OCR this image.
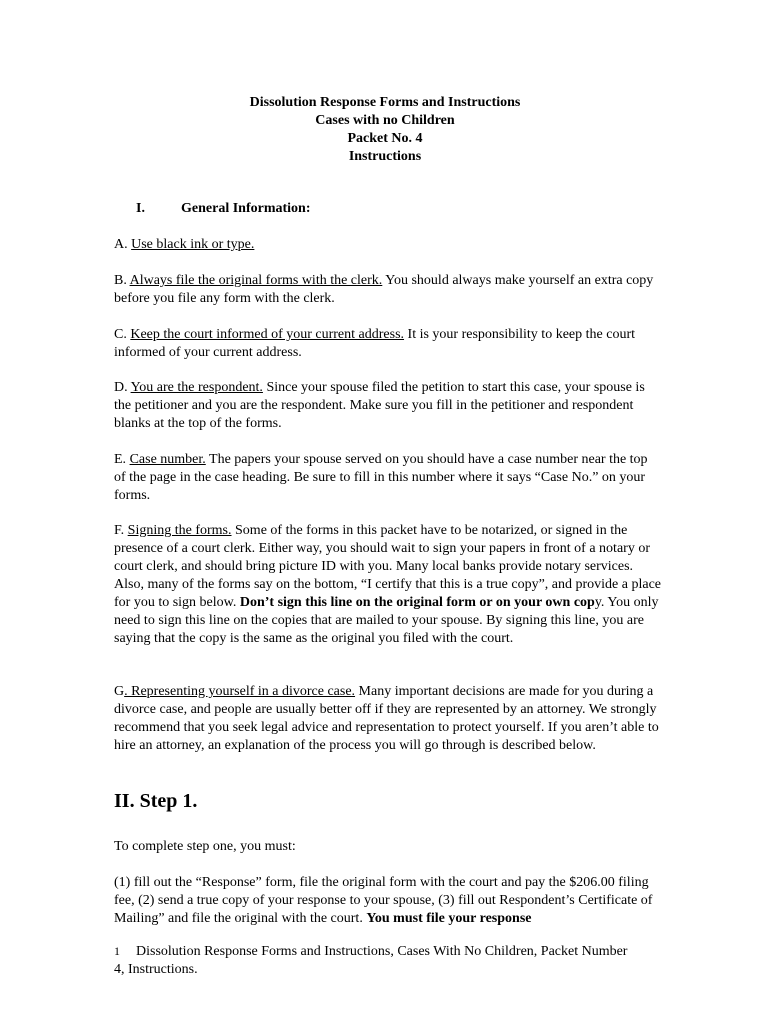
Dissolution Response Forms and Instructions
Cases with no Children
Packet No. 4
Instructions
I.	General Information:

A. Use black ink or type.

B. Always file the original forms with the clerk. You should always make yourself an extra copy before you file any form with the clerk.

C. Keep the court informed of your current address. It is your responsibility to keep the court informed of your current address.

D. You are the respondent. Since your spouse filed the petition to start this case, your spouse is the petitioner and you are the respondent. Make sure you fill in the petitioner and respondent blanks at the top of the forms.

E. Case number. The papers your spouse served on you should have a case number near the top of the page in the case heading. Be sure to fill in this number where it says “Case No.” on your forms.

F. Signing the forms. Some of the forms in this packet have to be notarized, or signed in the presence of a court clerk. Either way, you should wait to sign your papers in front of a notary or court clerk, and should bring picture ID with you. Many local banks provide notary services. Also, many of the forms say on the bottom, “I certify that this is a true copy”, and provide a place for you to sign below. Don’t sign this line on the original form or on your own copy. You only need to sign this line on the copies that are mailed to your spouse. By signing this line, you are saying that the copy is the same as the original you filed with the court.

G. Representing yourself in a divorce case. Many important decisions are made for you during a divorce case, and people are usually better off if they are represented by an attorney. We strongly recommend that you seek legal advice and representation to protect yourself. If you aren’t able to hire an attorney, an explanation of the process you will go through is described below.

II. Step 1.

To complete step one, you must:

(1) fill out the “Response” form, file the original form with the court and pay the $206.00 filing fee, (2) send a true copy of your response to your spouse, (3) fill out Respondent’s Certificate of Mailing” and file the original with the court. You must file your response

1 Dissolution Response Forms and Instructions, Cases With No Children, Packet Number 4, Instructions.
